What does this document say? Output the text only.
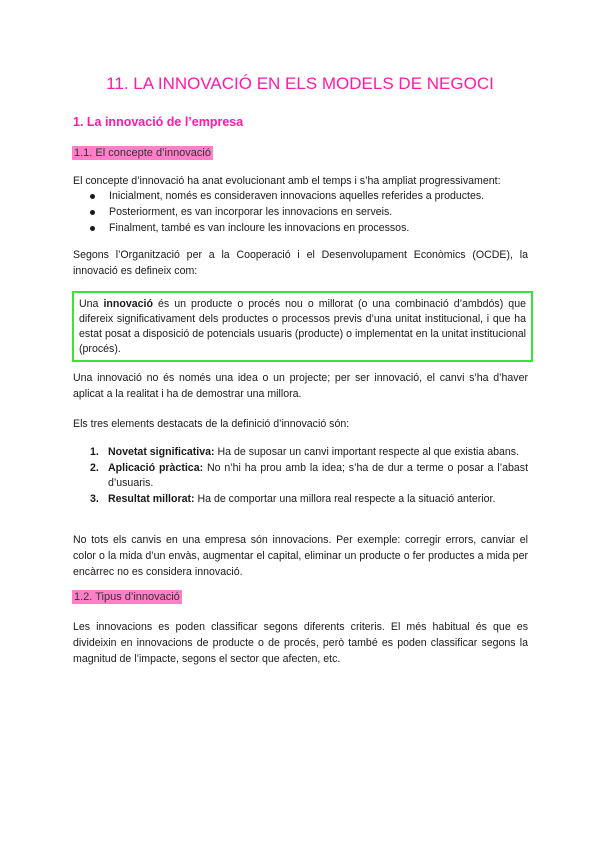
11. LA INNOVACIÓ EN ELS MODELS DE NEGOCI
1. La innovació de l’empresa
1.1. El concepte d’innovació

El concepte d’innovació ha anat evolucionant amb el temps i s’ha ampliat progressivament:

Inicialment, només es consideraven innovacions aquelles referides a productes.
Posteriorment, es van incorporar les innovacions en serveis.
Finalment, també es van incloure les innovacions en processos.

Segons l’Organització per a la Cooperació i el Desenvolupament Econòmics (OCDE), la innovació es defineix com:

Una innovació és un producte o procés nou o millorat (o una combinació d’ambdós) que difereix significativament dels productes o processos previs d’una unitat institucional, i que ha estat posat a disposició de potencials usuaris (producte) o implementat en la unitat institucional (procés).

Una innovació no és només una idea o un projecte; per ser innovació, el canvi s’ha d’haver aplicat a la realitat i ha de demostrar una millora.

Els tres elements destacats de la definició d’innovació són:

1. Novetat significativa: Ha de suposar un canvi important respecte al que existia abans.
2. Aplicació pràctica: No n’hi ha prou amb la idea; s’ha de dur a terme o posar a l’abast d’usuaris.
3. Resultat millorat: Ha de comportar una millora real respecte a la situació anterior.

No tots els canvis en una empresa són innovacions. Per exemple: corregir errors, canviar el color o la mida d’un envàs, augmentar el capital, eliminar un producte o fer productes a mida per encàrrec no es considera innovació.

1.2. Tipus d’innovació

Les innovacions es poden classificar segons diferents criteris. El més habitual és que es divideixin en innovacions de producte o de procés, però també es poden classificar segons la magnitud de l’impacte, segons el sector que afecten, etc.
